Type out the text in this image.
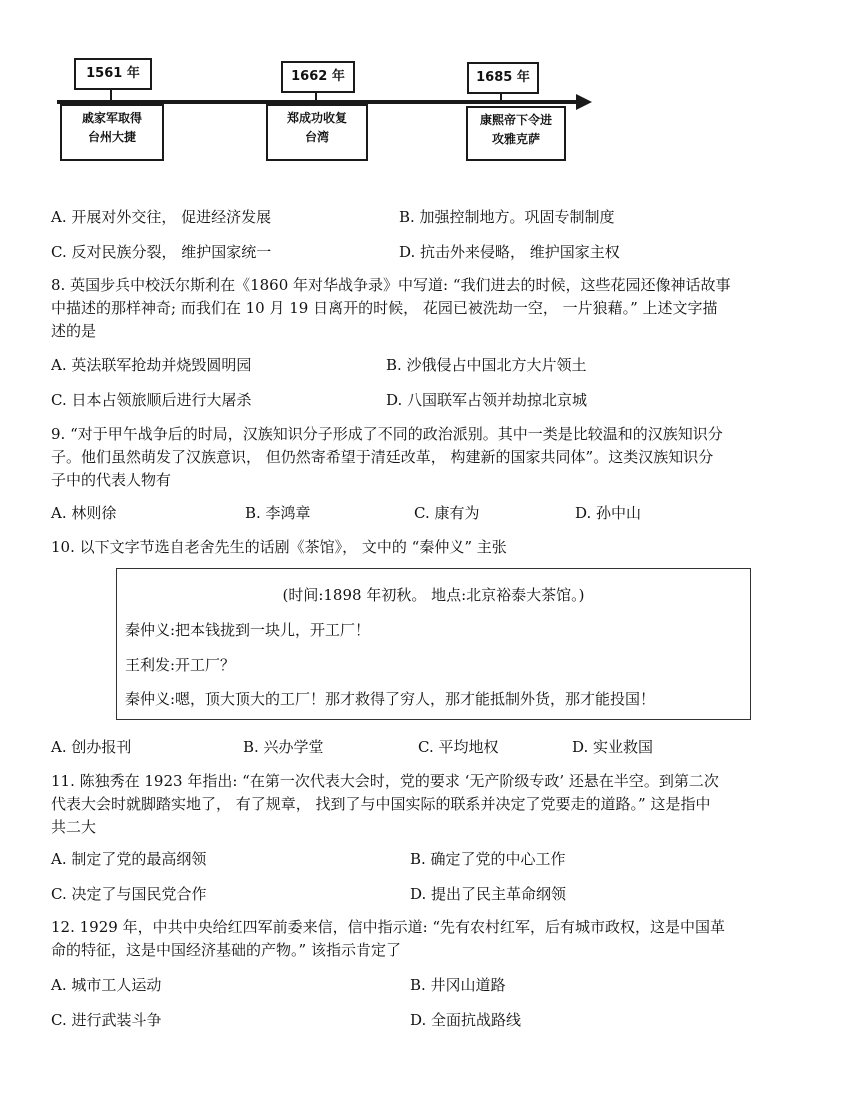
1561 年
戚家军取得
台州大捷
1662 年
郑成功收复
台湾
1685 年
康熙帝下令进
攻雅克萨
A. 开展对外交往， 促进经济发展	B. 加强控制地方。巩固专制制度
C. 反对民族分裂， 维护国家统一	D. 抗击外来侵略， 维护国家主权
8. 英国步兵中校沃尔斯利在《1860 年对华战争录》中写道: “我们进去的时候，这些花园还像神话故事
中描述的那样神奇; 而我们在 10 月 19 日离开的时候， 花园已被洗劫一空， 一片狼藉。” 上述文字描
述的是
A. 英法联军抢劫并烧毁圆明园	B. 沙俄侵占中国北方大片领土
C. 日本占领旅顺后进行大屠杀	D. 八国联军占领并劫掠北京城
9. “对于甲午战争后的时局，汉族知识分子形成了不同的政治派别。其中一类是比较温和的汉族知识分
子。他们虽然萌发了汉族意识， 但仍然寄希望于清廷改革， 构建新的国家共同体”。这类汉族知识分
子中的代表人物有
A. 林则徐	B. 李鸿章	C. 康有为	D. 孙中山
10. 以下文字节选自老舍先生的话剧《茶馆》， 文中的 “秦仲义” 主张
(时间:1898 年初秋。 地点:北京裕泰大茶馆。)
秦仲义:把本钱拢到一块儿，开工厂！
王利发:开工厂？
秦仲义:嗯，顶大顶大的工厂！那才救得了穷人，那才能抵制外货，那才能投国！
A. 创办报刊	B. 兴办学堂	C. 平均地权	D. 实业救国
11. 陈独秀在 1923 年指出: “在第一次代表大会时，党的要求 ‘无产阶级专政’ 还悬在半空。到第二次
代表大会时就脚踏实地了， 有了规章， 找到了与中国实际的联系并决定了党要走的道路。” 这是指中
共二大
A. 制定了党的最高纲领	B. 确定了党的中心工作
C. 决定了与国民党合作	D. 提出了民主革命纲领
12. 1929 年，中共中央给红四军前委来信，信中指示道: “先有农村红军，后有城市政权，这是中国革
命的特征，这是中国经济基础的产物。” 该指示肯定了
A. 城市工人运动	B. 井冈山道路
C. 进行武装斗争	D. 全面抗战路线
